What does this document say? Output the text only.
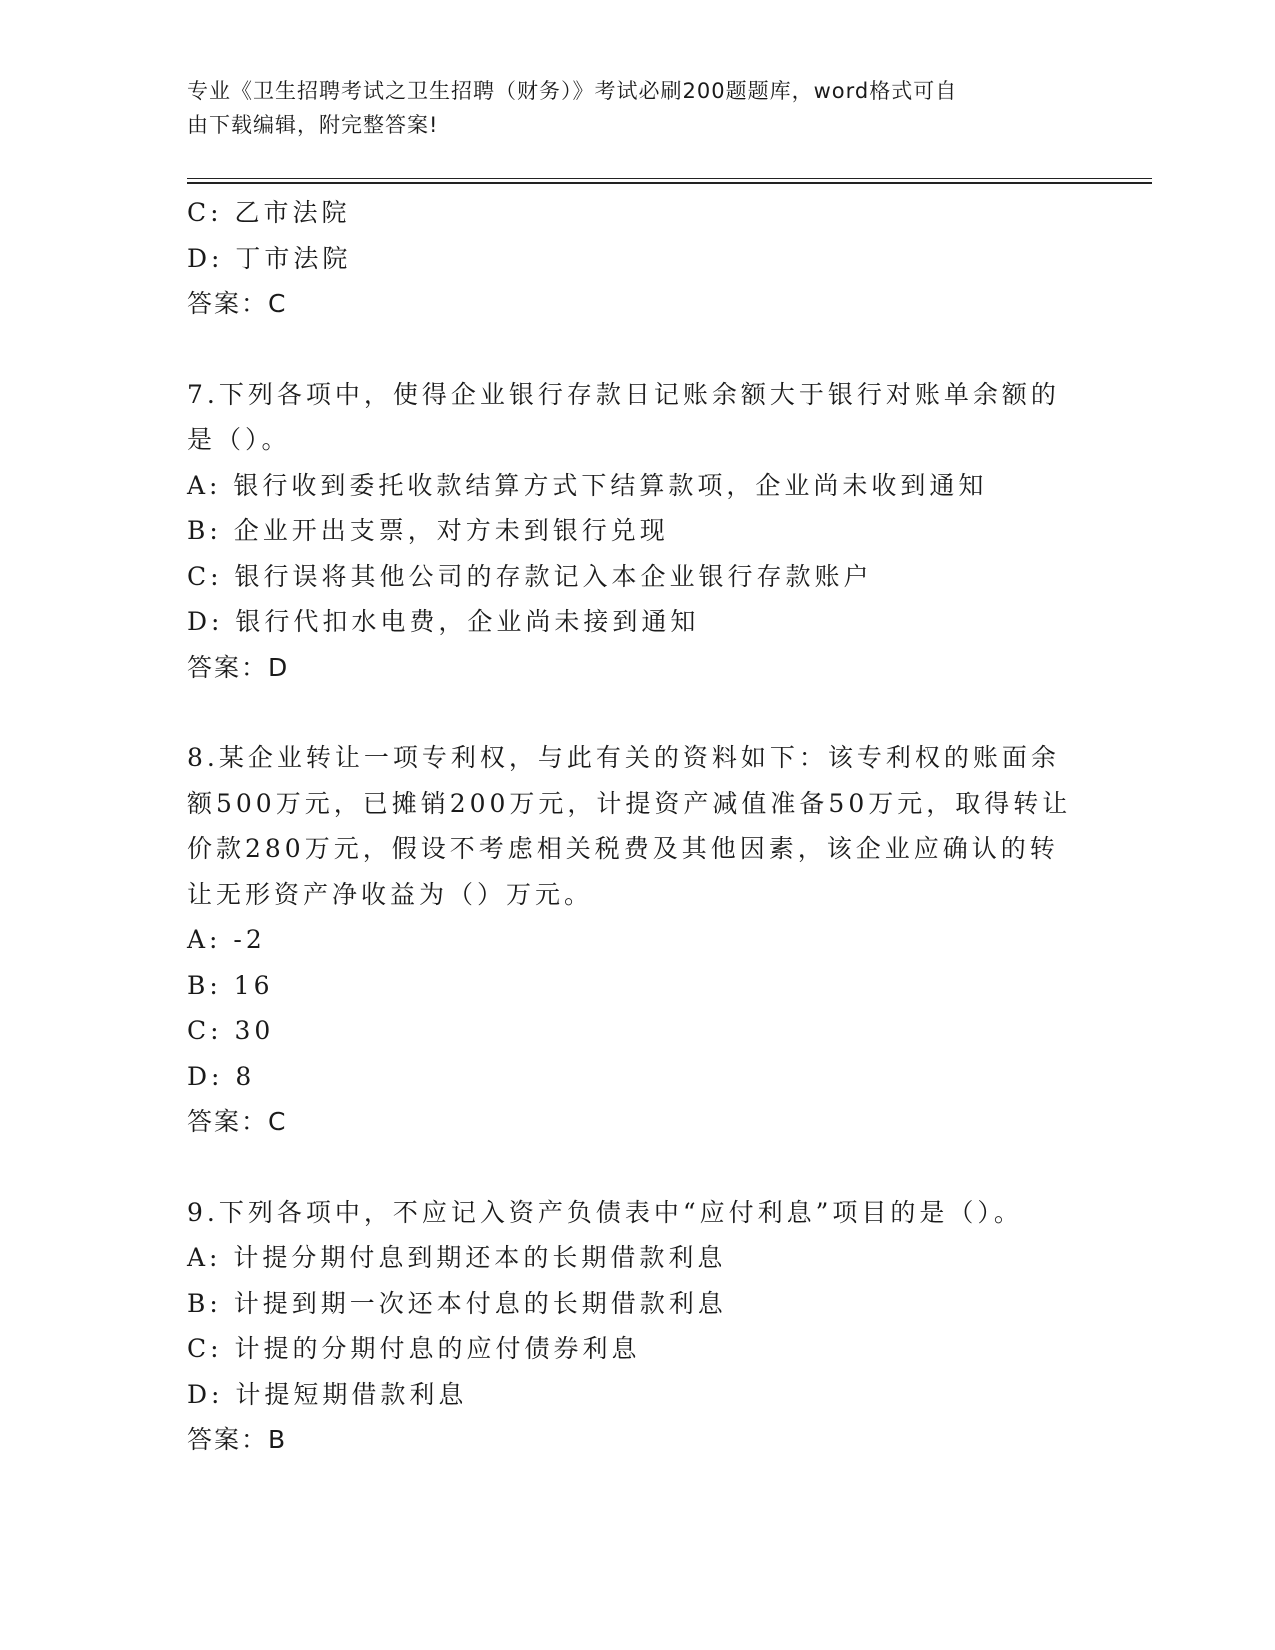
专业《卫生招聘考试之卫生招聘（财务）》考试必刷200题题库，word格式可自
由下载编辑，附完整答案!
C: 乙市法院
D: 丁市法院
答案：C
7.下列各项中，使得企业银行存款日记账余额大于银行对账单余额的
是（）。
A: 银行收到委托收款结算方式下结算款项，企业尚未收到通知
B: 企业开出支票，对方未到银行兑现
C: 银行误将其他公司的存款记入本企业银行存款账户
D: 银行代扣水电费，企业尚未接到通知
答案：D
8.某企业转让一项专利权，与此有关的资料如下：该专利权的账面余
额500万元，已摊销200万元，计提资产减值准备50万元，取得转让
价款280万元，假设不考虑相关税费及其他因素，该企业应确认的转
让无形资产净收益为（）万元。
A: -2
B: 16
C: 30
D: 8
答案：C
9.下列各项中，不应记入资产负债表中“应付利息”项目的是（）。
A: 计提分期付息到期还本的长期借款利息
B: 计提到期一次还本付息的长期借款利息
C: 计提的分期付息的应付债券利息
D: 计提短期借款利息
答案：B
